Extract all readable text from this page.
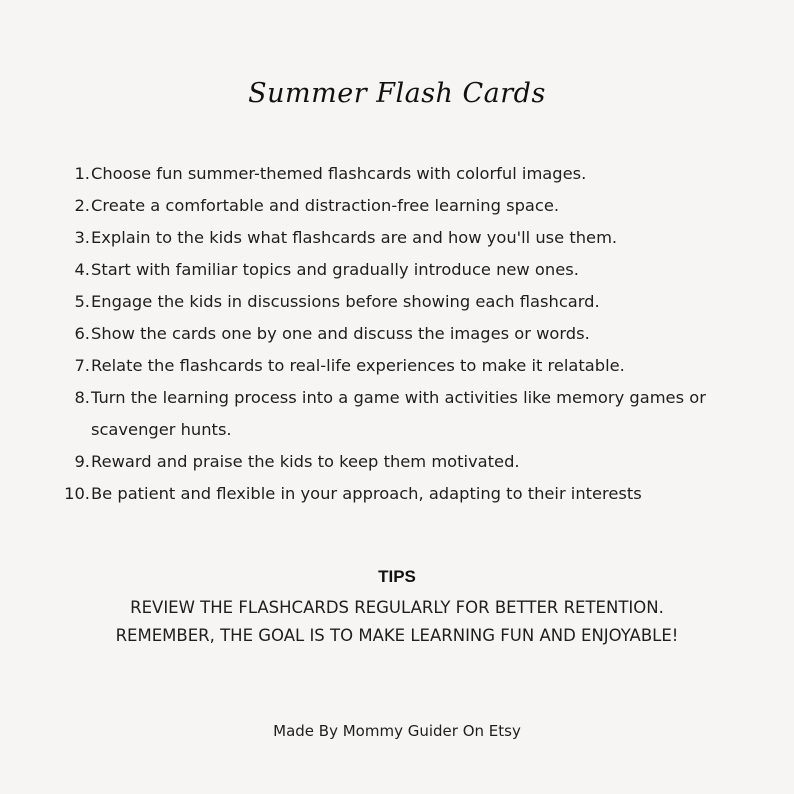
Summer Flash Cards
1. Choose fun summer-themed flashcards with colorful images.
2. Create a comfortable and distraction-free learning space.
3. Explain to the kids what flashcards are and how you'll use them.
4. Start with familiar topics and gradually introduce new ones.
5. Engage the kids in discussions before showing each flashcard.
6. Show the cards one by one and discuss the images or words.
7. Relate the flashcards to real-life experiences to make it relatable.
8. Turn the learning process into a game with activities like memory games or
scavenger hunts.
9. Reward and praise the kids to keep them motivated.
10. Be patient and flexible in your approach, adapting to their interests
TIPS
REVIEW THE FLASHCARDS REGULARLY FOR BETTER RETENTION.
REMEMBER, THE GOAL IS TO MAKE LEARNING FUN AND ENJOYABLE!
Made By Mommy Guider On Etsy
